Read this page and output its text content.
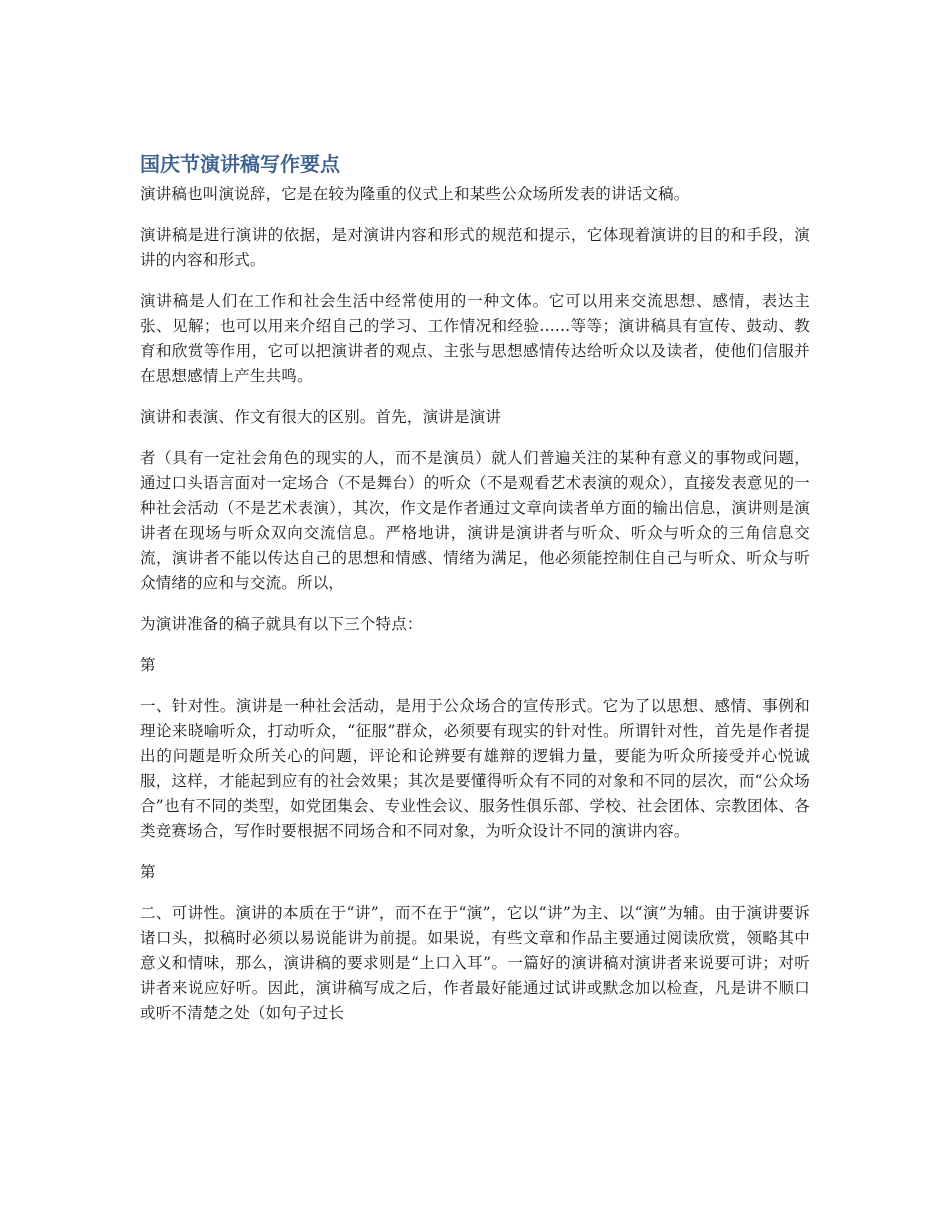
国庆节演讲稿写作要点

演讲稿也叫演说辞，它是在较为隆重的仪式上和某些公众场所发表的讲话文稿。

演讲稿是进行演讲的依据，是对演讲内容和形式的规范和提示，它体现着演讲的目的和手段，演讲的内容和形式。

演讲稿是人们在工作和社会生活中经常使用的一种文体。它可以用来交流思想、感情，表达主张、见解；也可以用来介绍自己的学习、工作情况和经验......等等；演讲稿具有宣传、鼓动、教育和欣赏等作用，它可以把演讲者的观点、主张与思想感情传达给听众以及读者，使他们信服并在思想感情上产生共鸣。

演讲和表演、作文有很大的区别。首先，演讲是演讲

者（具有一定社会角色的现实的人，而不是演员）就人们普遍关注的某种有意义的事物或问题，通过口头语言面对一定场合（不是舞台）的听众（不是观看艺术表演的观众），直接发表意见的一种社会活动（不是艺术表演），其次，作文是作者通过文章向读者单方面的输出信息，演讲则是演讲者在现场与听众双向交流信息。严格地讲，演讲是演讲者与听众、听众与听众的三角信息交流，演讲者不能以传达自己的思想和情感、情绪为满足，他必须能控制住自己与听众、听众与听众情绪的应和与交流。所以，

为演讲准备的稿子就具有以下三个特点：

第

一、针对性。演讲是一种社会活动，是用于公众场合的宣传形式。它为了以思想、感情、事例和理论来晓喻听众，打动听众，“征服”群众，必须要有现实的针对性。所谓针对性，首先是作者提出的问题是听众所关心的问题，评论和论辨要有雄辩的逻辑力量，要能为听众所接受并心悦诚服，这样，才能起到应有的社会效果；其次是要懂得听众有不同的对象和不同的层次，而“公众场合”也有不同的类型，如党团集会、专业性会议、服务性俱乐部、学校、社会团体、宗教团体、各类竞赛场合，写作时要根据不同场合和不同对象，为听众设计不同的演讲内容。

第

二、可讲性。演讲的本质在于“讲”，而不在于“演”，它以“讲”为主、以“演”为辅。由于演讲要诉诸口头，拟稿时必须以易说能讲为前提。如果说，有些文章和作品主要通过阅读欣赏，领略其中意义和情味，那么，演讲稿的要求则是“上口入耳”。一篇好的演讲稿对演讲者来说要可讲；对听讲者来说应好听。因此，演讲稿写成之后，作者最好能通过试讲或默念加以检查，凡是讲不顺口或听不清楚之处（如句子过长
